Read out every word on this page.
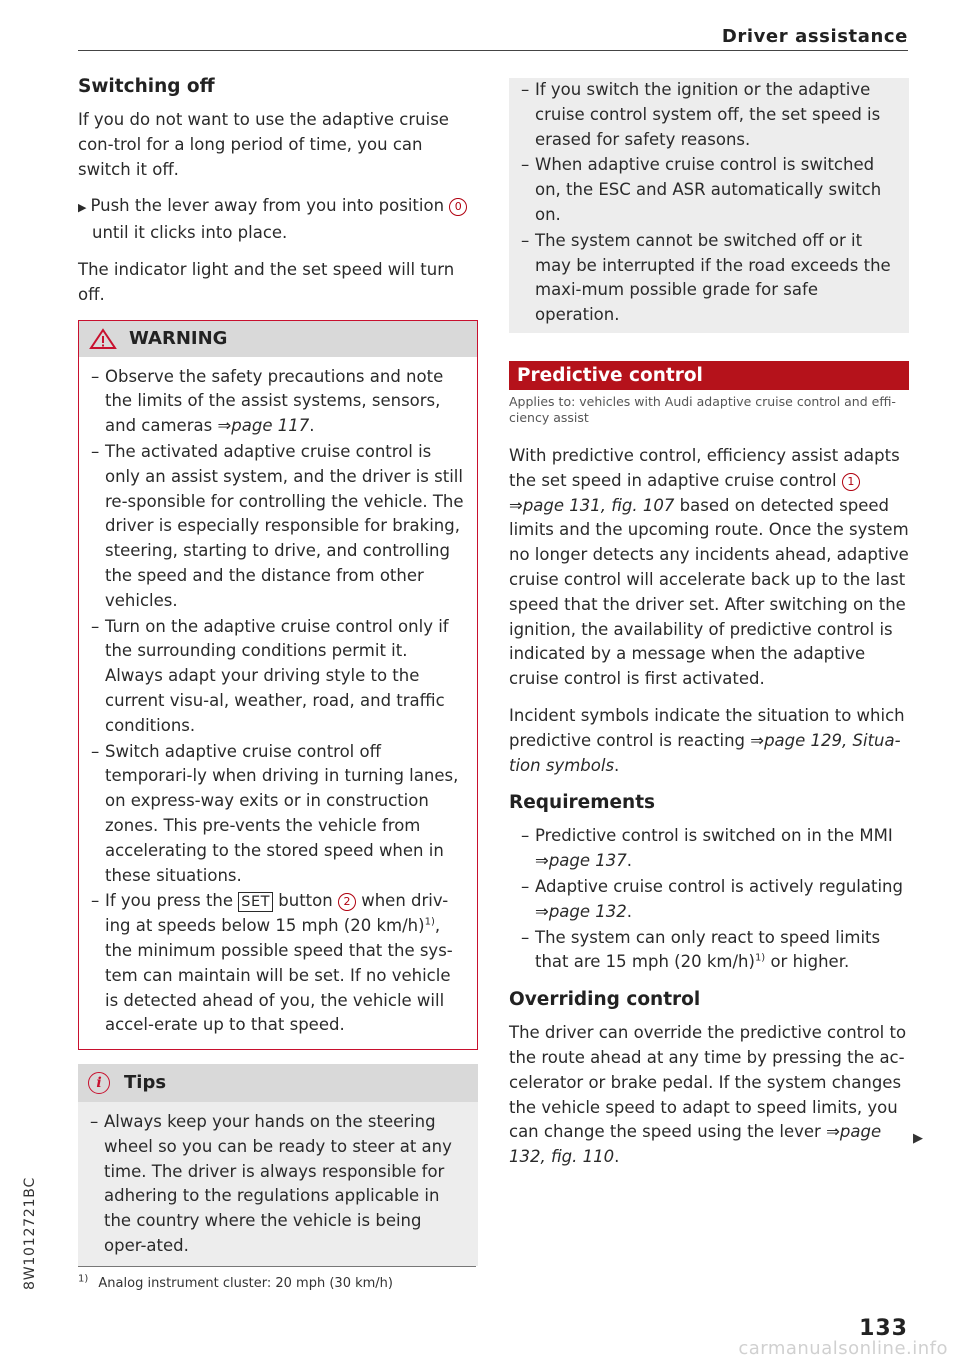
Driver assistance
8W1012721BC
Switching off

If you do not want to use the adaptive cruise con-trol for a long period of time, you can switch it off.

▶ Push the lever away from you into position 0 until it clicks into place.

The indicator light and the set speed will turn off.

WARNING
– Observe the safety precautions and note the limits of the assist systems, sensors, and cameras ⇒page 117.
– The activated adaptive cruise control is only an assist system, and the driver is still re-sponsible for controlling the vehicle. The driver is especially responsible for braking, steering, starting to drive, and controlling the speed and the distance from other vehicles.
– Turn on the adaptive cruise control only if the surrounding conditions permit it. Always adapt your driving style to the current visu-al, weather, road, and traffic conditions.
– Switch adaptive cruise control off temporari-ly when driving in turning lanes, on express-way exits or in construction zones. This pre-vents the vehicle from accelerating to the stored speed when in these situations.
– If you press the SET button 2 when driv-ing at speeds below 15 mph (20 km/h)$^{1)}$, the minimum possible speed that the sys-tem can maintain will be set. If no vehicle is detected ahead of you, the vehicle will accel-erate up to that speed.
i	Tips
– Always keep your hands on the steering wheel so you can be ready to steer at any time. The driver is always responsible for adhering to the regulations applicable in the country where the vehicle is being oper-ated.
– If you switch the ignition or the adaptive cruise control system off, the set speed is erased for safety reasons.
– When adaptive cruise control is switched on, the ESC and ASR automatically switch on.
– The system cannot be switched off or it may be interrupted if the road exceeds the maxi-mum possible grade for safe operation.
Predictive control
Applies to: vehicles with Audi adaptive cruise control and effi-ciency assist

With predictive control, efficiency assist adapts the set speed in adaptive cruise control 1 ⇒page 131, fig. 107 based on detected speed limits and the upcoming route. Once the system no longer detects any incidents ahead, adaptive cruise control will accelerate back up to the last speed that the driver set. After switching on the ignition, the availability of predictive control is indicated by a message when the adaptive cruise control is first activated.

Incident symbols indicate the situation to which predictive control is reacting ⇒page 129, Situa-tion symbols.

Requirements
– Predictive control is switched on in the MMI ⇒page 137.
– Adaptive cruise control is actively regulating ⇒page 132.
– The system can only react to speed limits that are 15 mph (20 km/h)$^{1)}$ or higher.
Overriding control

The driver can override the predictive control to the route ahead at any time by pressing the ac-celerator or brake pedal. If the system changes the vehicle speed to adapt to speed limits, you can change the speed using the lever ⇒page 132, fig. 110.

▶
$^{1)}$ Analog instrument cluster: 20 mph (30 km/h)
133
carmanualsonline.info
